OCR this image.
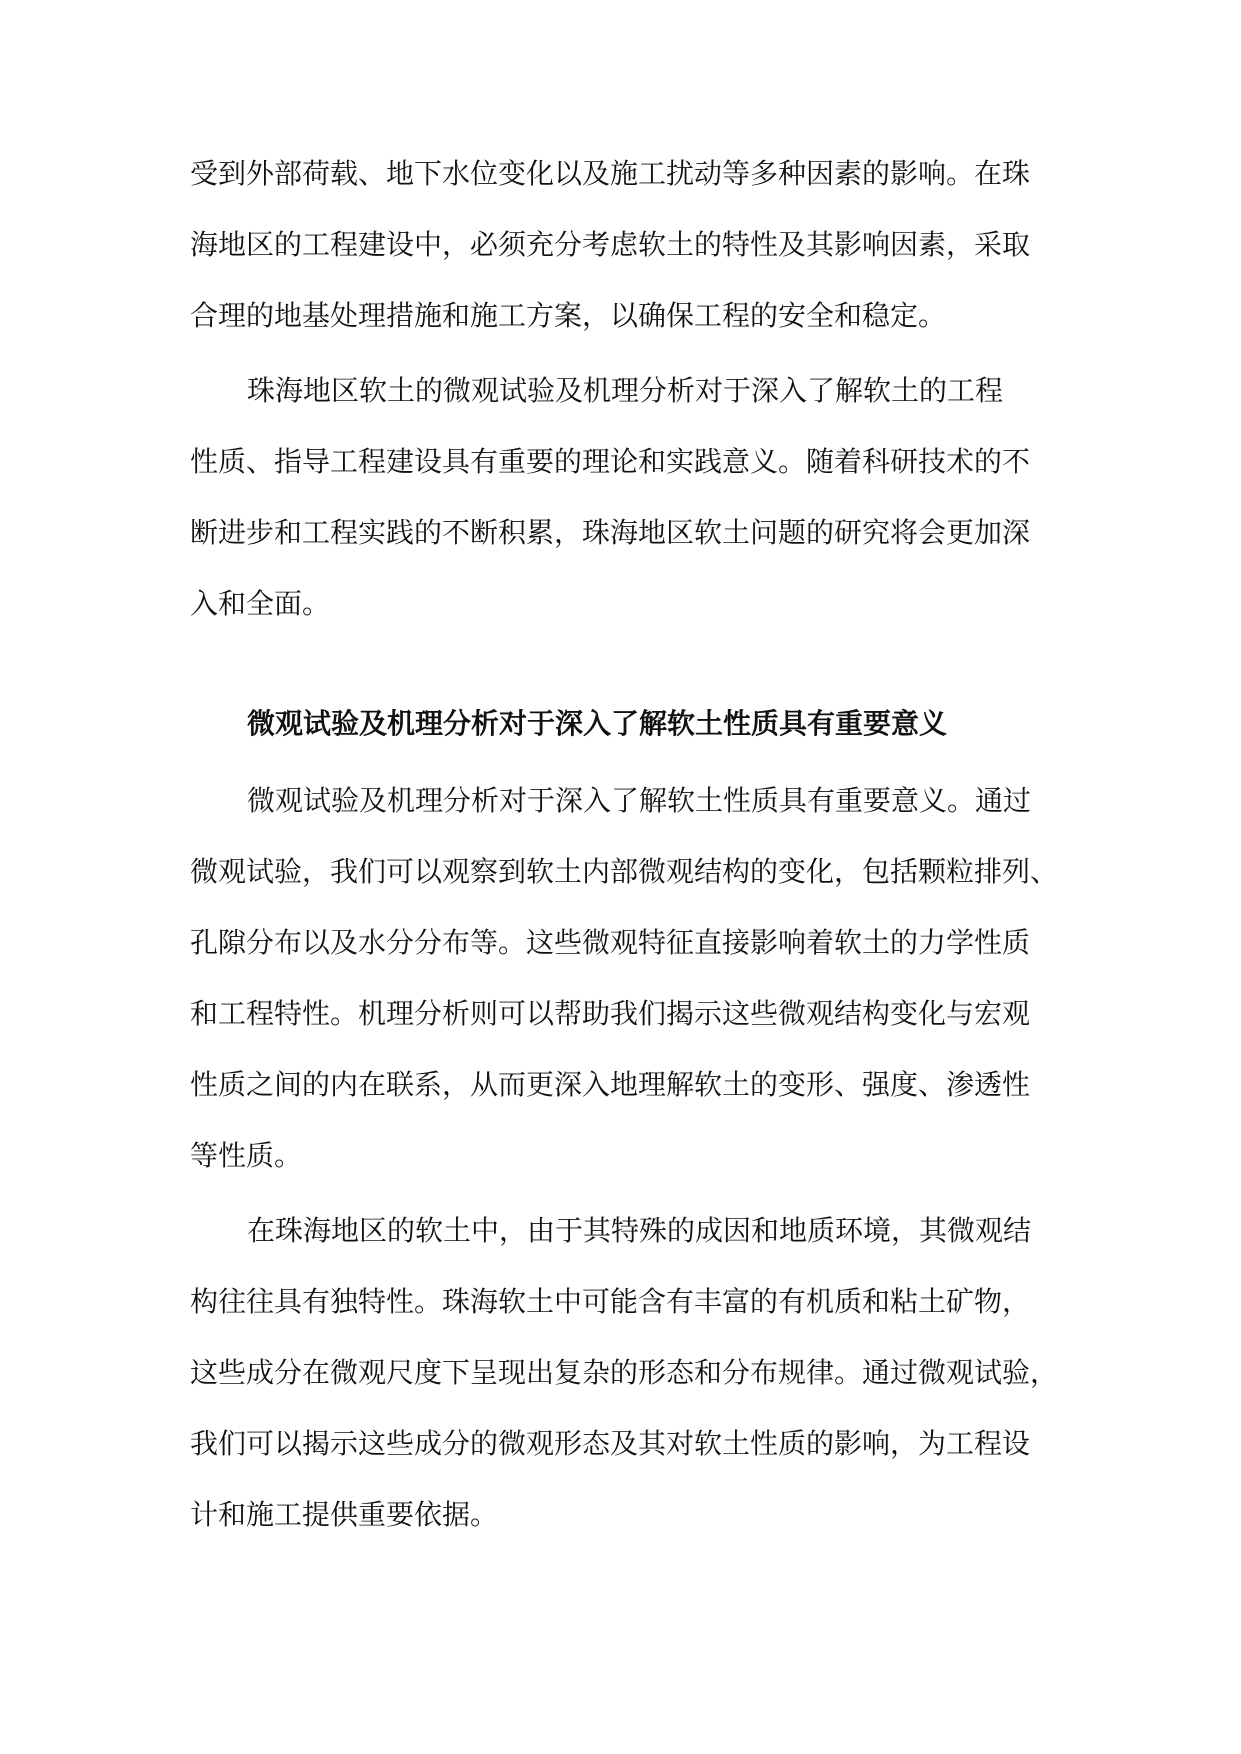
受到外部荷载、地下水位变化以及施工扰动等多种因素的影响。在珠
海地区的工程建设中，必须充分考虑软土的特性及其影响因素，采取
合理的地基处理措施和施工方案，以确保工程的安全和稳定。
珠海地区软土的微观试验及机理分析对于深入了解软土的工程
性质、指导工程建设具有重要的理论和实践意义。随着科研技术的不
断进步和工程实践的不断积累，珠海地区软土问题的研究将会更加深
入和全面。
微观试验及机理分析对于深入了解软土性质具有重要意义
微观试验及机理分析对于深入了解软土性质具有重要意义。通过
微观试验，我们可以观察到软土内部微观结构的变化，包括颗粒排列、
孔隙分布以及水分分布等。这些微观特征直接影响着软土的力学性质
和工程特性。机理分析则可以帮助我们揭示这些微观结构变化与宏观
性质之间的内在联系，从而更深入地理解软土的变形、强度、渗透性
等性质。
在珠海地区的软土中，由于其特殊的成因和地质环境，其微观结
构往往具有独特性。珠海软土中可能含有丰富的有机质和粘土矿物，
这些成分在微观尺度下呈现出复杂的形态和分布规律。通过微观试验，
我们可以揭示这些成分的微观形态及其对软土性质的影响，为工程设
计和施工提供重要依据。
